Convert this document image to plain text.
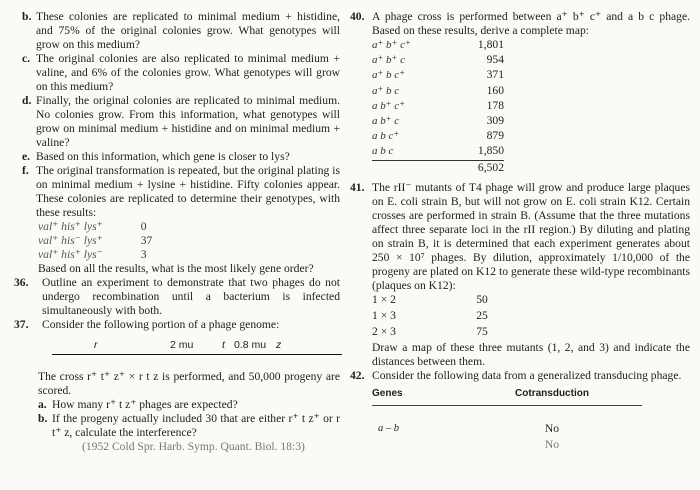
b. These colonies are replicated to minimal medium + histidine, and 75% of the original colonies grow. What genotypes will grow on this medium?

c. The original colonies are also replicated to minimal medium + valine, and 6% of the colonies grow. What genotypes will grow on this medium?

d. Finally, the original colonies are replicated to minimal medium. No colonies grow. From this information, what genotypes will grow on minimal medium + histidine and on minimal medium + valine?

e. Based on this information, which gene is closer to lys?

f. The original transformation is repeated, but the original plating is on minimal medium + lysine + histidine. Fifty colonies appear. These colonies are replicated to determine their genotypes, with these results:

val⁺ his⁺ lys⁺	0
val⁺ his⁻ lys⁺	37
val⁺ his⁺ lys⁻	3

Based on all the results, what is the most likely gene order?

36. Outline an experiment to demonstrate that two phages do not undergo recombination until a bacterium is infected simultaneously with both.

37. Consider the following portion of a phage genome:

r	2 mu	t 0.8 mu z

The cross r⁺ t⁺ z⁺ × r t z is performed, and 50,000 progeny are scored.

a. How many r⁺ t z⁺ phages are expected?

b. If the progeny actually included 30 that are either r⁺ t z⁺ or r t⁺ z, calculate the interference?

(1952 Cold Spr. Harb. Symp. Quant. Biol. 18:3)

40. A phage cross is performed between a⁺ b⁺ c⁺ and a b c phage. Based on these results, derive a complete map:

a⁺ b⁺ c⁺	1,801
a⁺ b⁺ c	954
a⁺ b c⁺	371
a⁺ b c	160
a b⁺ c⁺	178
a b⁺ c	309
a b c⁺	879
a b c	1,850
	6,502

41. The rII⁻ mutants of T4 phage will grow and produce large plaques on E. coli strain B, but will not grow on E. coli strain K12. Certain crosses are performed in strain B. (Assume that the three mutations affect three separate loci in the rII region.) By diluting and plating on strain B, it is determined that each experiment generates about 250 × 10⁷ phages. By dilution, approximately 1/10,000 of the progeny are plated on K12 to generate these wild-type recombinants (plaques on K12):

1 × 2	50
1 × 3	25
2 × 3	75

Draw a map of these three mutants (1, 2, and 3) and indicate the distances between them.

42. Consider the following data from a generalized transducing phage.

Genes	Cotransduction

a – b	No
	No
